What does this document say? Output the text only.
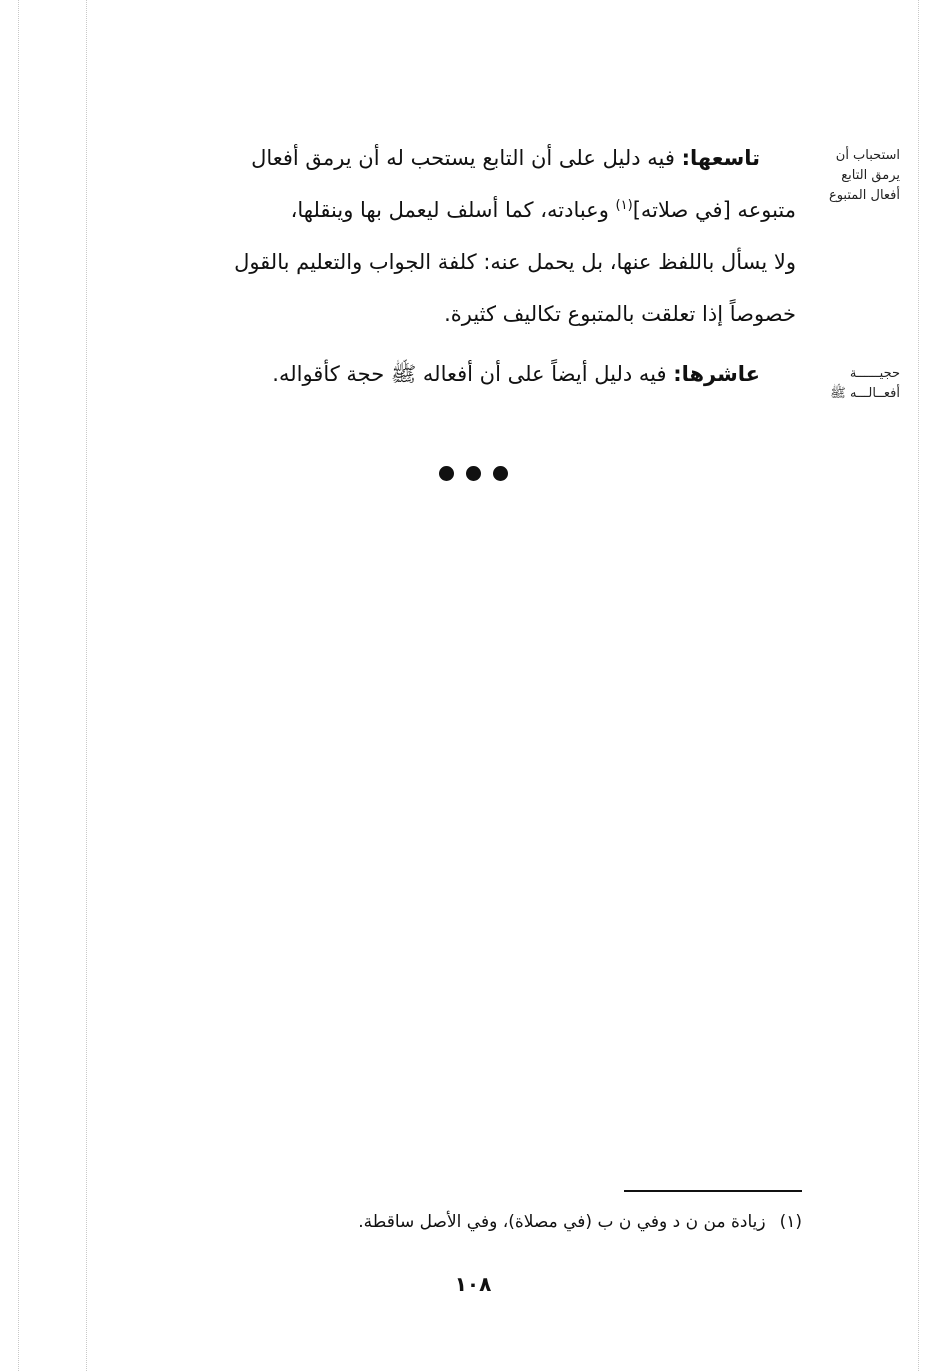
استحباب أن
يرمق التابع
أفعال المتبوع
تاسعها: فيه دليل على أن التابع يستحب له أن يرمق أفعال
متبوعه [في صلاته]$^{(١)}$ وعبادته، كما أسلف ليعمل بها وينقلها،
ولا يسأل باللفظ عنها، بل يحمل عنه: كلفة الجواب والتعليم بالقول
خصوصاً إذا تعلقت بالمتبوع تكاليف كثيرة.
حجيــــــة
أفعــالـــه ﷺ
عاشرها: فيه دليل أيضاً على أن أفعاله ﷺ حجة كأقواله.
(١)زيادة من ن د وفي ن ب (في مصلاة)، وفي الأصل ساقطة.
١٠٨
